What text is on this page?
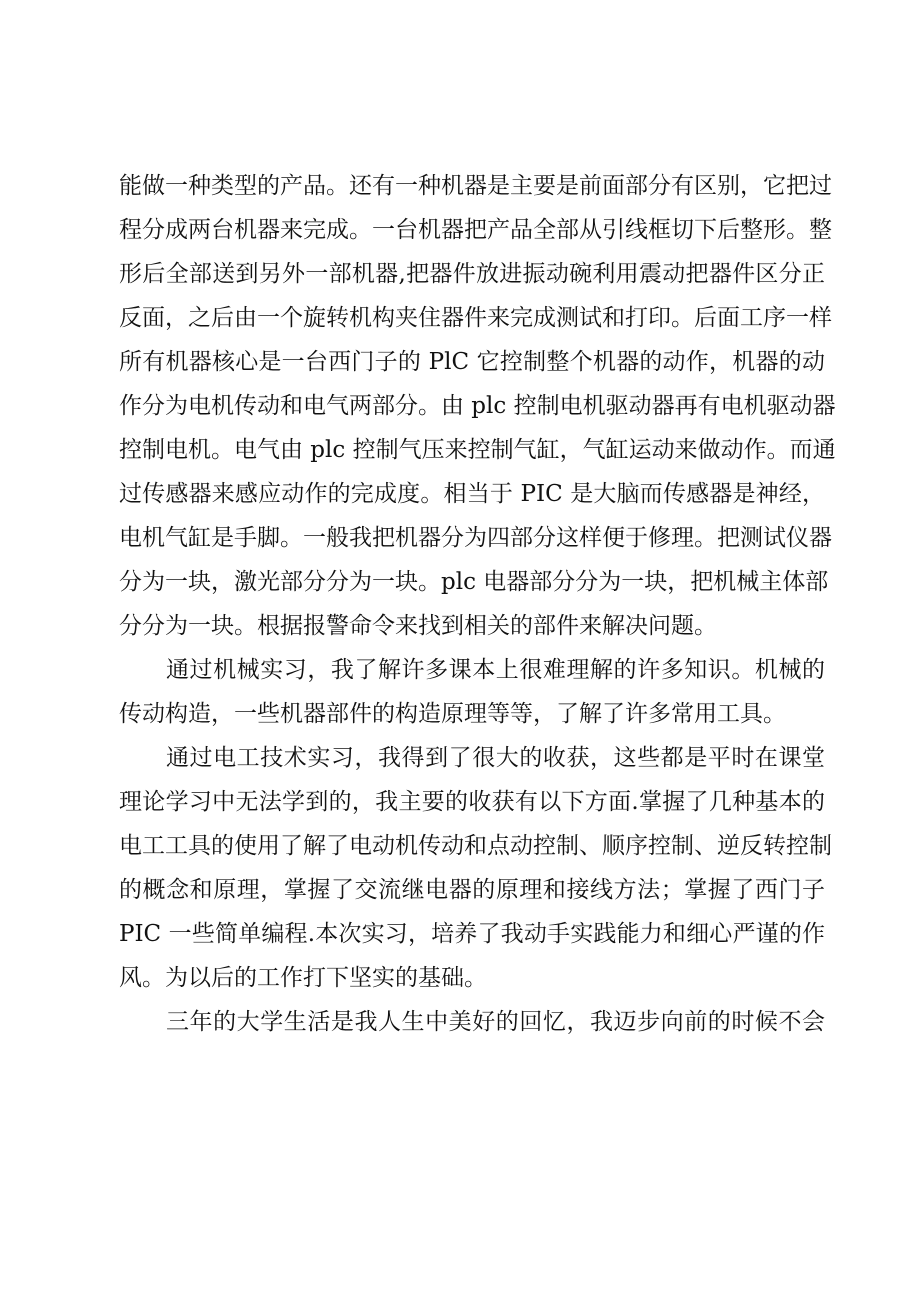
能做一种类型的产品。还有一种机器是主要是前面部分有区别，它把过
程分成两台机器来完成。一台机器把产品全部从引线框切下后整形。整
形后全部送到另外一部机器,把器件放进振动碗利用震动把器件区分正
反面，之后由一个旋转机构夹住器件来完成测试和打印。后面工序一样
所有机器核心是一台西门子的 PlC 它控制整个机器的动作，机器的动
作分为电机传动和电气两部分。由 plc 控制电机驱动器再有电机驱动器
控制电机。电气由 plc 控制气压来控制气缸，气缸运动来做动作。而通
过传感器来感应动作的完成度。相当于 PIC 是大脑而传感器是神经，
电机气缸是手脚。一般我把机器分为四部分这样便于修理。把测试仪器
分为一块，激光部分分为一块。plc 电器部分分为一块，把机械主体部
分分为一块。根据报警命令来找到相关的部件来解决问题。
通过机械实习，我了解许多课本上很难理解的许多知识。机械的
传动构造，一些机器部件的构造原理等等，了解了许多常用工具。
通过电工技术实习，我得到了很大的收获，这些都是平时在课堂
理论学习中无法学到的，我主要的收获有以下方面.掌握了几种基本的
电工工具的使用了解了电动机传动和点动控制、顺序控制、逆反转控制
的概念和原理，掌握了交流继电器的原理和接线方法；掌握了西门子
PIC 一些简单编程.本次实习，培养了我动手实践能力和细心严谨的作
风。为以后的工作打下坚实的基础。
三年的大学生活是我人生中美好的回忆，我迈步向前的时候不会
